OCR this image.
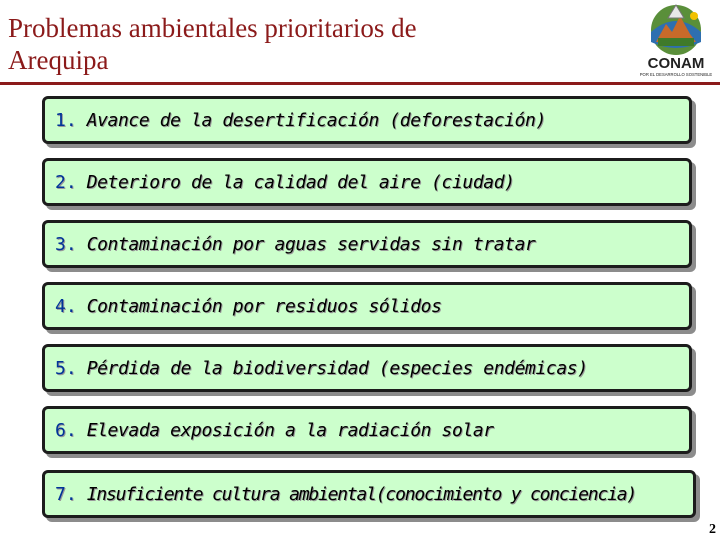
Problemas ambientales prioritarios de
Arequipa	CONAM
POR EL DESARROLLO SOSTENIBLE
1. Avance de la desertificación (deforestación)
2. Deterioro de la calidad del aire (ciudad)
3. Contaminación por aguas servidas sin tratar
4. Contaminación por residuos sólidos
5. Pérdida de la biodiversidad (especies endémicas)
6. Elevada exposición a la radiación solar
7. Insuficiente cultura ambiental(conocimiento y conciencia)
2
